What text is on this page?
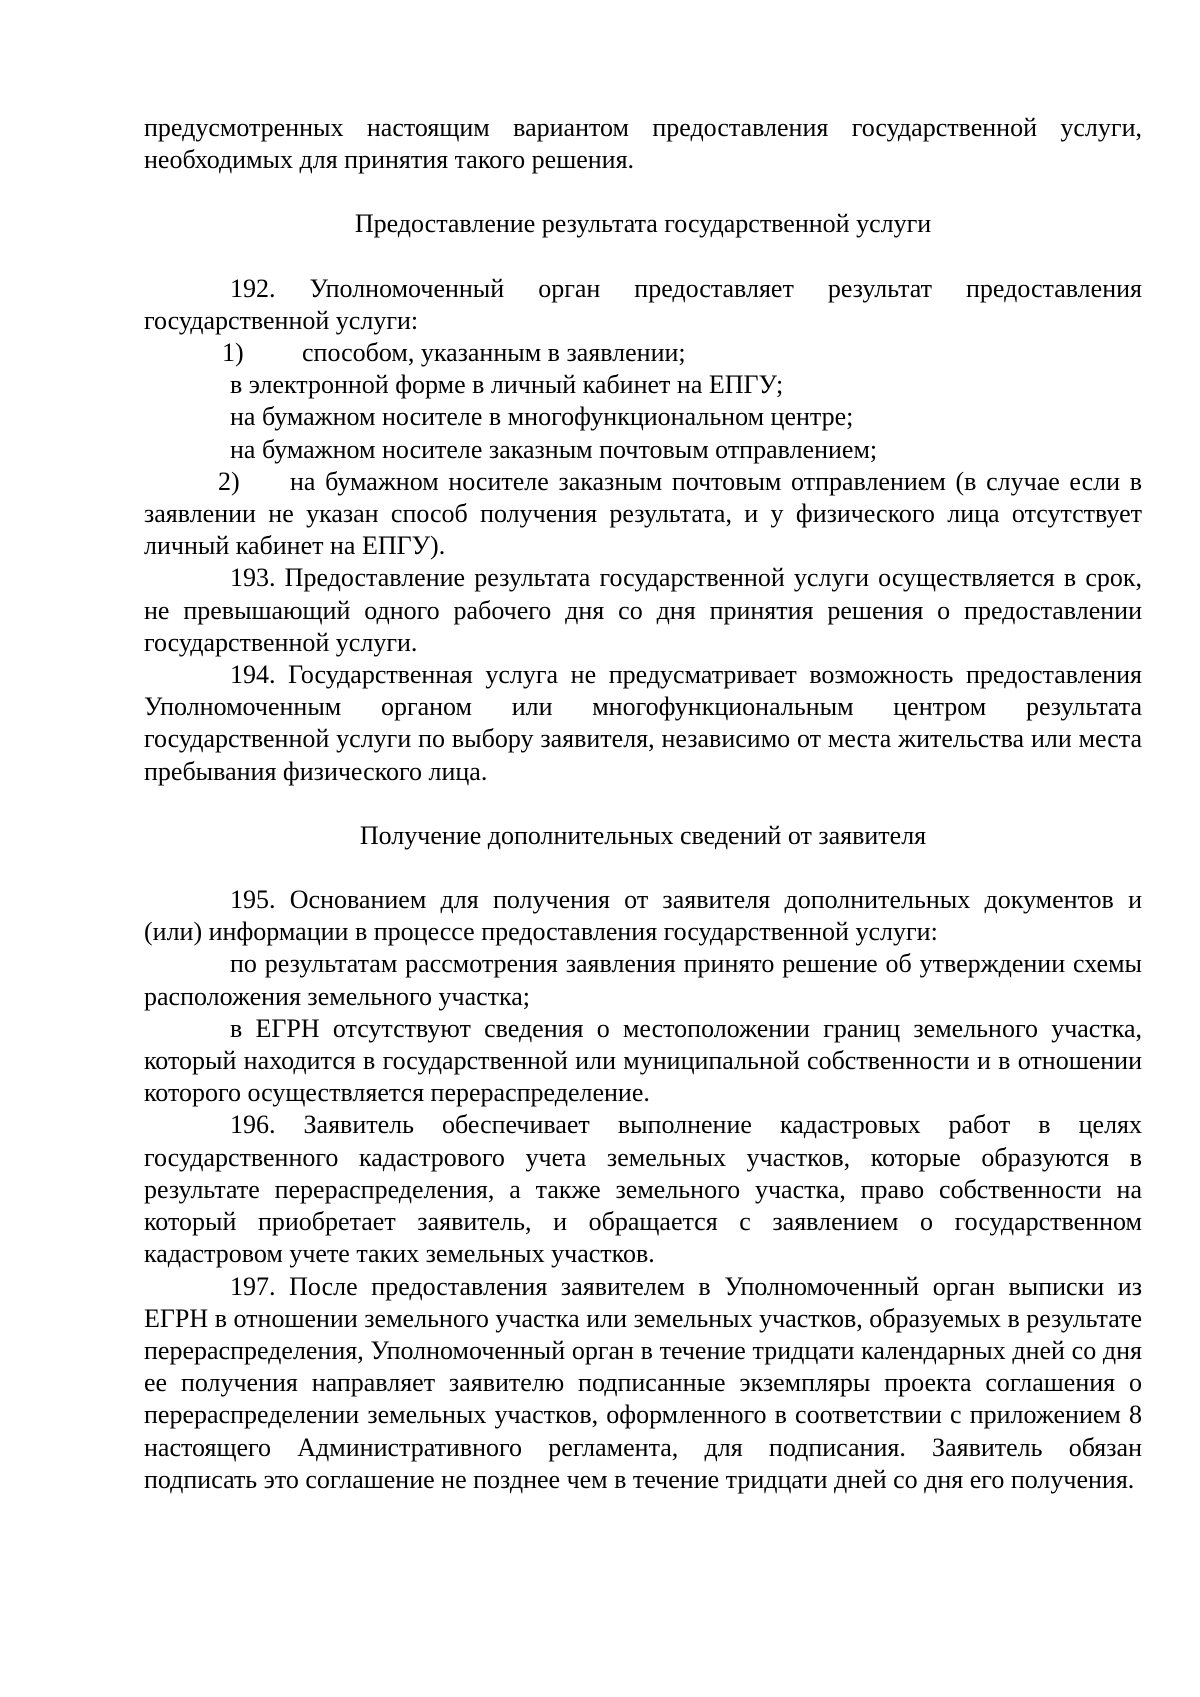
предусмотренных настоящим вариантом предоставления государственной услуги, необходимых для принятия такого решения.

Предоставление результата государственной услуги

192. Уполномоченный орган предоставляет результат предоставления государственной услуги:

1) способом, указанным в заявлении;

в электронной форме в личный кабинет на ЕПГУ;

на бумажном носителе в многофункциональном центре;

на бумажном носителе заказным почтовым отправлением;

2) на бумажном носителе заказным почтовым отправлением (в случае если в заявлении не указан способ получения результата, и у физического лица отсутствует личный кабинет на ЕПГУ).

193. Предоставление результата государственной услуги осуществляется в срок, не превышающий одного рабочего дня со дня принятия решения о предоставлении государственной услуги.

194. Государственная услуга не предусматривает возможность предоставления Уполномоченным органом или многофункциональным центром результата государственной услуги по выбору заявителя, независимо от места жительства или места пребывания физического лица.

Получение дополнительных сведений от заявителя

195. Основанием для получения от заявителя дополнительных документов и (или) информации в процессе предоставления государственной услуги:

по результатам рассмотрения заявления принято решение об утверждении схемы расположения земельного участка;

в ЕГРН отсутствуют сведения о местоположении границ земельного участка, который находится в государственной или муниципальной собственности и в отношении которого осуществляется перераспределение.

196. Заявитель обеспечивает выполнение кадастровых работ в целях государственного кадастрового учета земельных участков, которые образуются в результате перераспределения, а также земельного участка, право собственности на который приобретает заявитель, и обращается с заявлением о государственном кадастровом учете таких земельных участков.

197. После предоставления заявителем в Уполномоченный орган выписки из ЕГРН в отношении земельного участка или земельных участков, образуемых в результате перераспределения, Уполномоченный орган в течение тридцати календарных дней со дня ее получения направляет заявителю подписанные экземпляры проекта соглашения о перераспределении земельных участков, оформленного в соответствии с приложением 8 настоящего Административного регламента, для подписания. Заявитель обязан подписать это соглашение не позднее чем в течение тридцати дней со дня его получения.
